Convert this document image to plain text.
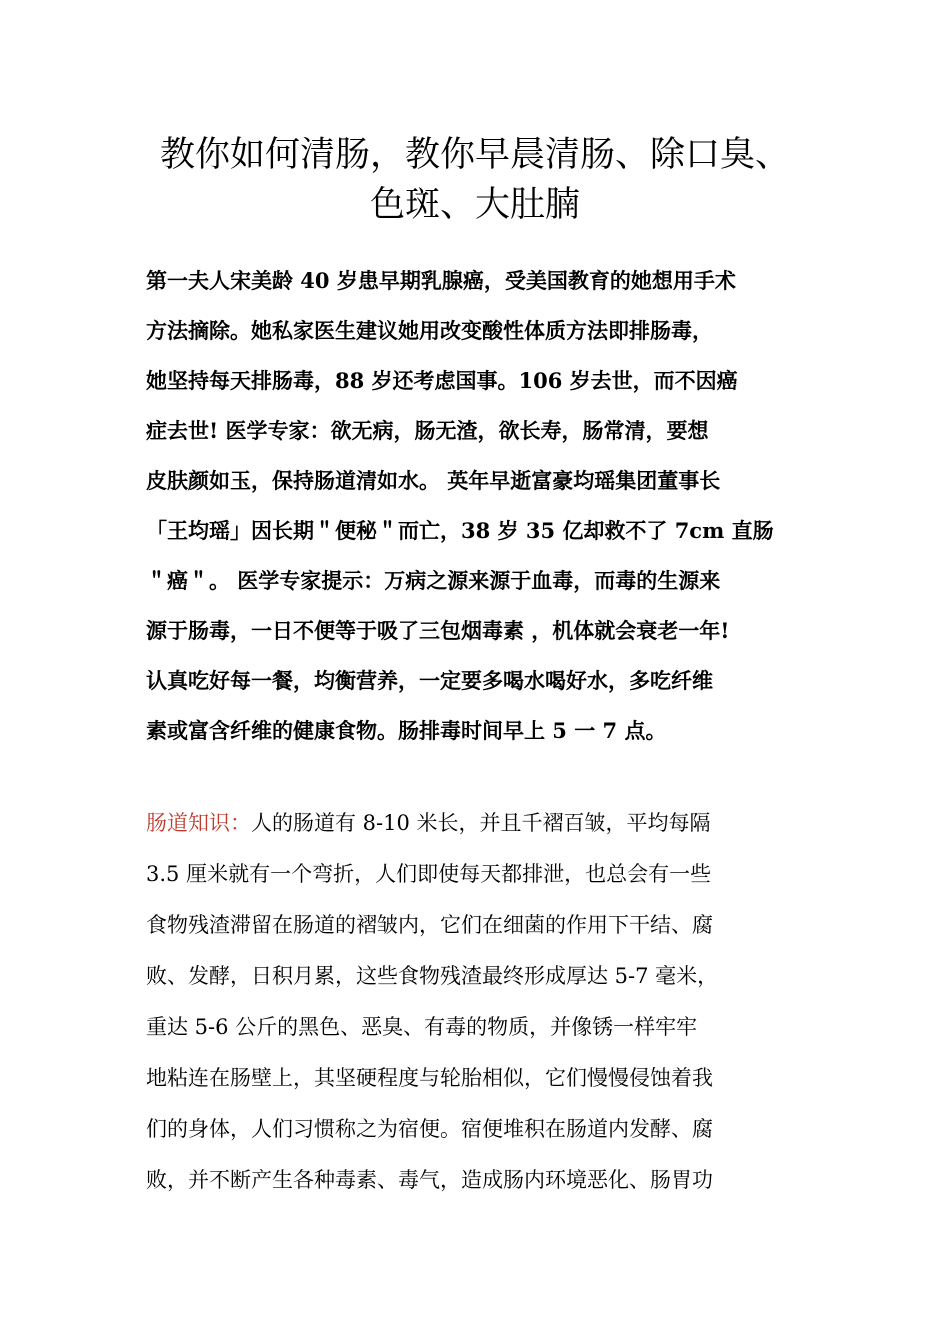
教你如何清肠，教你早晨清肠、除口臭、
色斑、大肚腩
第一夫人宋美龄 40 岁患早期乳腺癌，受美国教育的她想用手术
方法摘除。她私家医生建议她用改变酸性体质方法即排肠毒，
她坚持每天排肠毒，88 岁还考虑国事。106 岁去世，而不因癌
症去世! 医学专家：欲无病，肠无渣，欲长寿，肠常清，要想
皮肤颜如玉，保持肠道清如水。 英年早逝富豪均瑶集团董事长
「王均瑶」因长期＂便秘＂而亡，38 岁 35 亿却救不了 7cm 直肠
＂癌＂。 医学专家提示：万病之源来源于血毒，而毒的生源来
源于肠毒，一日不便等于吸了三包烟毒素 ，机体就会衰老一年!
认真吃好每一餐，均衡营养，一定要多喝水喝好水，多吃纤维
素或富含纤维的健康食物。肠排毒时间早上 5 一 7 点。
肠道知识：人的肠道有 8-10 米长，并且千褶百皱，平均每隔
3.5 厘米就有一个弯折，人们即使每天都排泄，也总会有一些
食物残渣滞留在肠道的褶皱内，它们在细菌的作用下干结、腐
败、发酵，日积月累，这些食物残渣最终形成厚达 5-7 毫米，
重达 5-6 公斤的黑色、恶臭、有毒的物质，并像锈一样牢牢
地粘连在肠壁上，其坚硬程度与轮胎相似，它们慢慢侵蚀着我
们的身体，人们习惯称之为宿便。宿便堆积在肠道内发酵、腐
败，并不断产生各种毒素、毒气，造成肠内环境恶化、肠胃功
